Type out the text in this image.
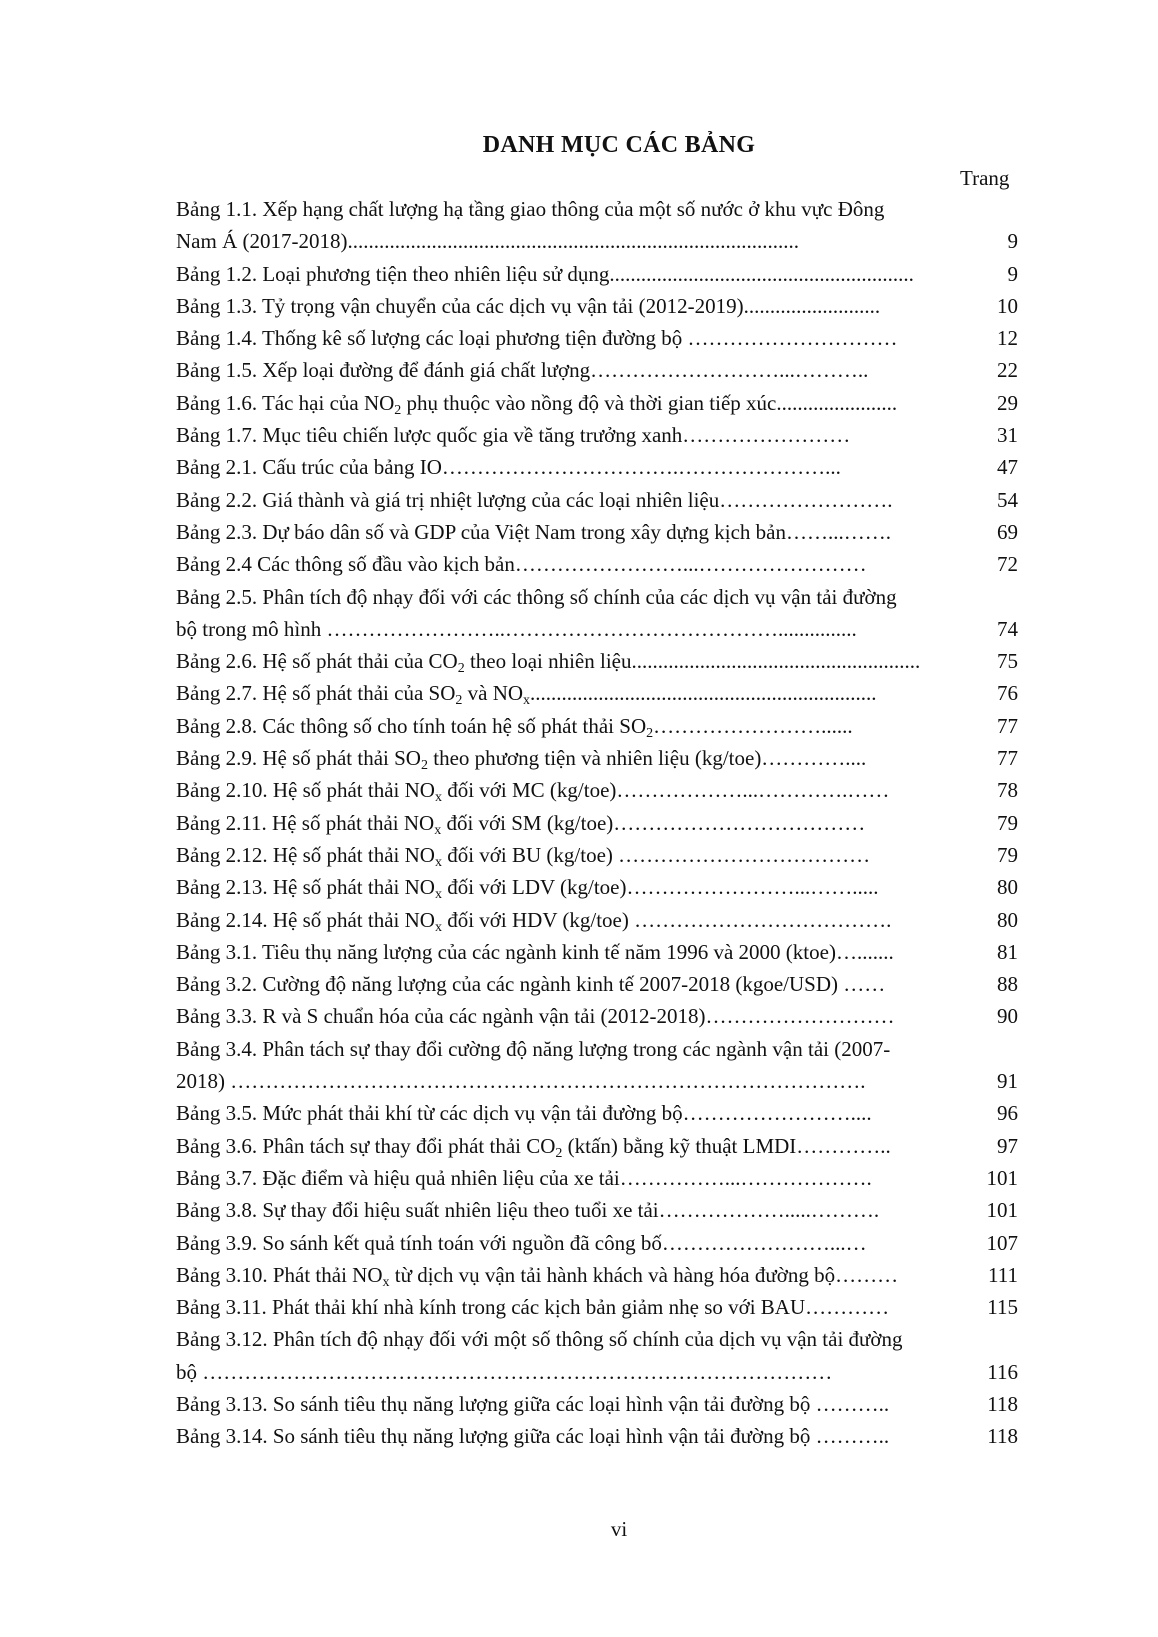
DANH MỤC CÁC BẢNG
Trang
Bảng 1.1. Xếp hạng chất lượng hạ tầng giao thông của một số nước ở khu vực Đông
Nam Á (2017-2018)......................................................................................	9
Bảng 1.2. Loại phương tiện theo nhiên liệu sử dụng..........................................................	9
Bảng 1.3. Tỷ trọng vận chuyển của các dịch vụ vận tải (2012-2019)..........................	10
Bảng 1.4. Thống kê số lượng các loại phương tiện đường bộ …………………………	12
Bảng 1.5. Xếp loại đường để đánh giá chất lượng………………………...………..	22
Bảng 1.6. Tác hại của $NO_2$ phụ thuộc vào nồng độ và thời gian tiếp xúc.......................	29
Bảng 1.7. Mục tiêu chiến lược quốc gia về tăng trưởng xanh……………………	31
Bảng 2.1. Cấu trúc của bảng IO…………………………….…………………...	47
Bảng 2.2. Giá thành và giá trị nhiệt lượng của các loại nhiên liệu…………………….	54
Bảng 2.3. Dự báo dân số và GDP của Việt Nam trong xây dựng kịch bản……...…….	69
Bảng 2.4 Các thông số đầu vào kịch bản……………………...……………………	72
Bảng 2.5. Phân tích độ nhạy đối với các thông số chính của các dịch vụ vận tải đường
bộ trong mô hình ……………………..…………………………………...............	74
Bảng 2.6. Hệ số phát thải của $CO_2$ theo loại nhiên liệu.......................................................	75
Bảng 2.7. Hệ số phát thải của $SO_2$ và $NO_x$..................................................................	76
Bảng 2.8. Các thông số cho tính toán hệ số phát thải $SO_2\dots\dots\dots\dots\dots\dots\dots\dots$......	77
Bảng 2.9. Hệ số phát thải $SO_2$ theo phương tiện và nhiên liệu (kg/toe)…………....	77
Bảng 2.10. Hệ số phát thải $NO_x$ đối với MC (kg/toe)………………...………….……	78
Bảng 2.11. Hệ số phát thải $NO_x$ đối với SM (kg/toe)………………………………	79
Bảng 2.12. Hệ số phát thải $NO_x$ đối với BU (kg/toe) ………………………………	79
Bảng 2.13. Hệ số phát thải $NO_x$ đối với LDV (kg/toe)……………………...…….....	80
Bảng 2.14. Hệ số phát thải $NO_x$ đối với HDV (kg/toe) ……………………………….	80
Bảng 3.1. Tiêu thụ năng lượng của các ngành kinh tế năm 1996 và 2000 (ktoe)….......	81
Bảng 3.2. Cường độ năng lượng của các ngành kinh tế 2007-2018 (kgoe/USD) ……	88
Bảng 3.3. R và S chuẩn hóa của các ngành vận tải (2012-2018)………………………	90
Bảng 3.4. Phân tách sự thay đổi cường độ năng lượng trong các ngành vận tải (2007-
2018) ……………………………………………………………………………….	91
Bảng 3.5. Mức phát thải khí từ các dịch vụ vận tải đường bộ……………………....	96
Bảng 3.6. Phân tách sự thay đổi phát thải $CO_2$ (ktấn) bằng kỹ thuật LMDI…………..	97
Bảng 3.7. Đặc điểm và hiệu quả nhiên liệu của xe tải……………...……………….	101
Bảng 3.8. Sự thay đổi hiệu suất nhiên liệu theo tuổi xe tải……………….....……….	101
Bảng 3.9. So sánh kết quả tính toán với nguồn đã công bố……………………...…	107
Bảng 3.10. Phát thải $NO_x$ từ dịch vụ vận tải hành khách và hàng hóa đường bộ………	111
Bảng 3.11. Phát thải khí nhà kính trong các kịch bản giảm nhẹ so với BAU…………	115
Bảng 3.12. Phân tích độ nhạy đối với một số thông số chính của dịch vụ vận tải đường
bộ ………………………………………………………………………………	116
Bảng 3.13. So sánh tiêu thụ năng lượng giữa các loại hình vận tải đường bộ ………..	118
Bảng 3.14. So sánh tiêu thụ năng lượng giữa các loại hình vận tải đường bộ ………..	118
vi
